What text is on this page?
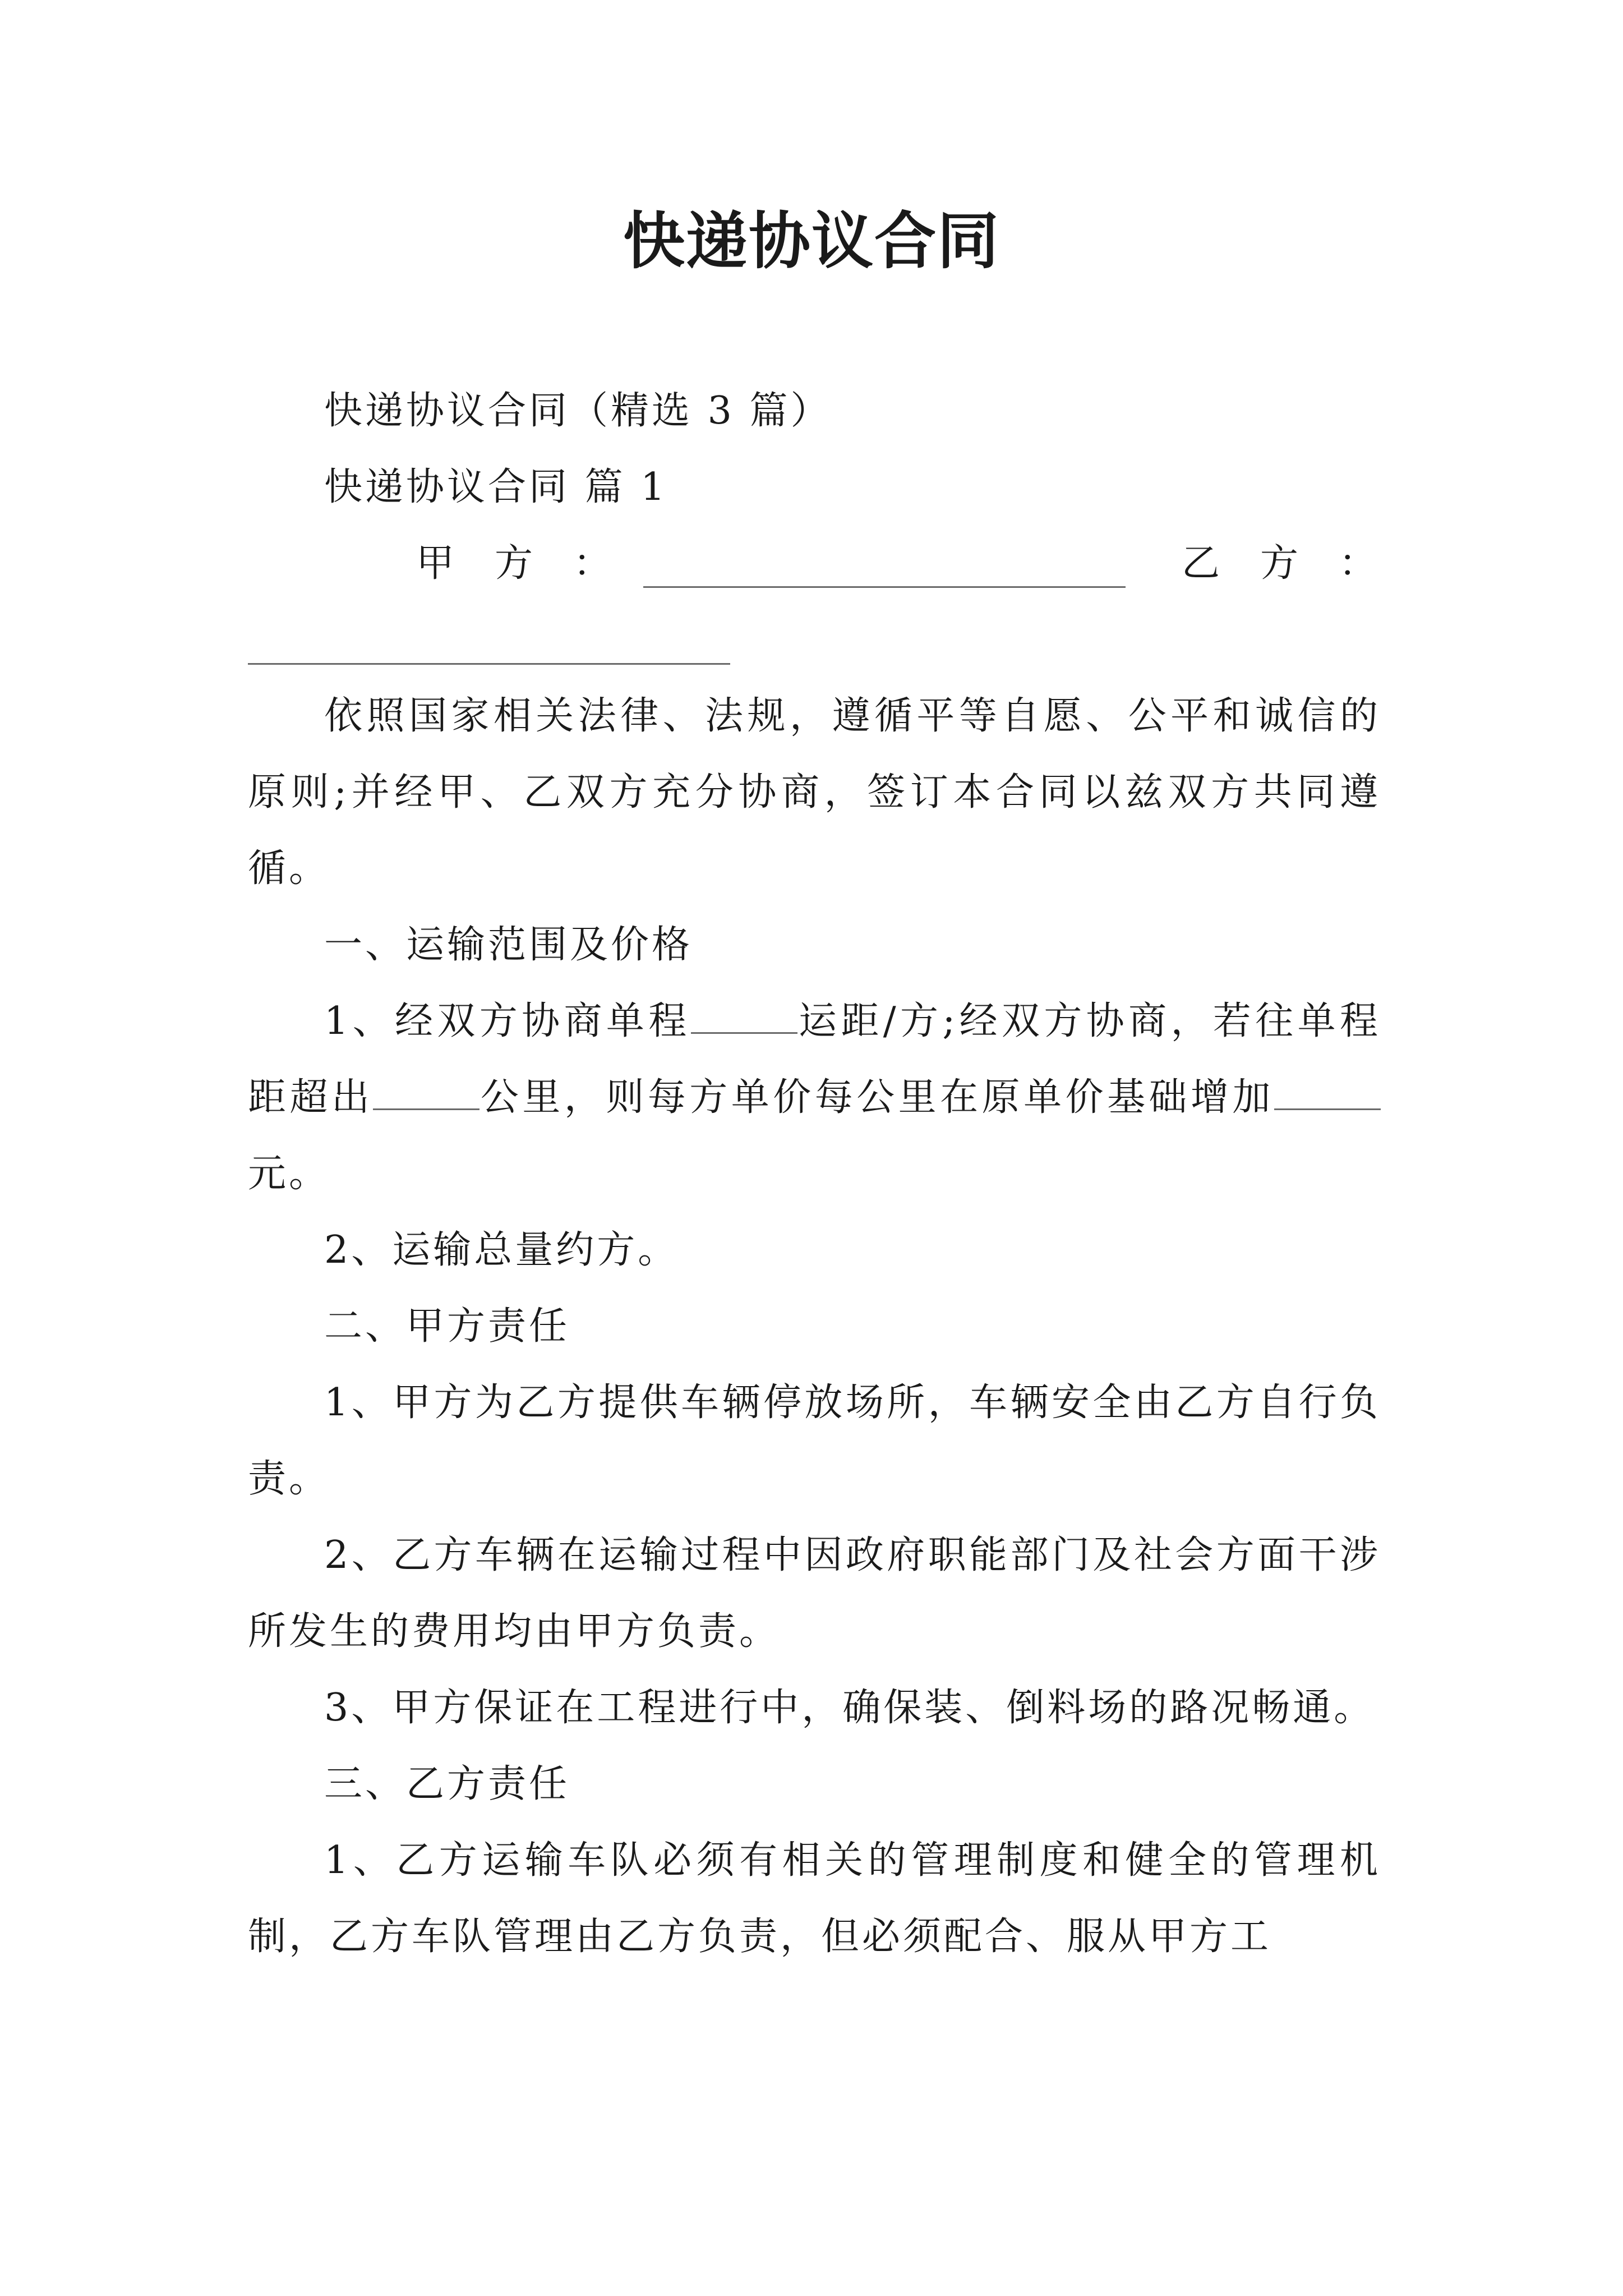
快递协议合同

快递协议合同（精选 3 篇）

快递协议合同 篇 1

甲 方 ：	乙 方 ：

依照国家相关法律、法规，遵循平等自愿、公平和诚信的原则;并经甲、乙双方充分协商，签订本合同以兹双方共同遵循。

一、运输范围及价格

1、经双方协商单程	运距/方;经双方协商，若往单程距超出	公里，则每方单价每公里在原单价基础增加元。

2、运输总量约方。

二、甲方责任

1、甲方为乙方提供车辆停放场所，车辆安全由乙方自行负责。

2、乙方车辆在运输过程中因政府职能部门及社会方面干涉所发生的费用均由甲方负责。

3、甲方保证在工程进行中，确保装、倒料场的路况畅通。

三、乙方责任

1、乙方运输车队必须有相关的管理制度和健全的管理机制，乙方车队管理由乙方负责，但必须配合、服从甲方工
